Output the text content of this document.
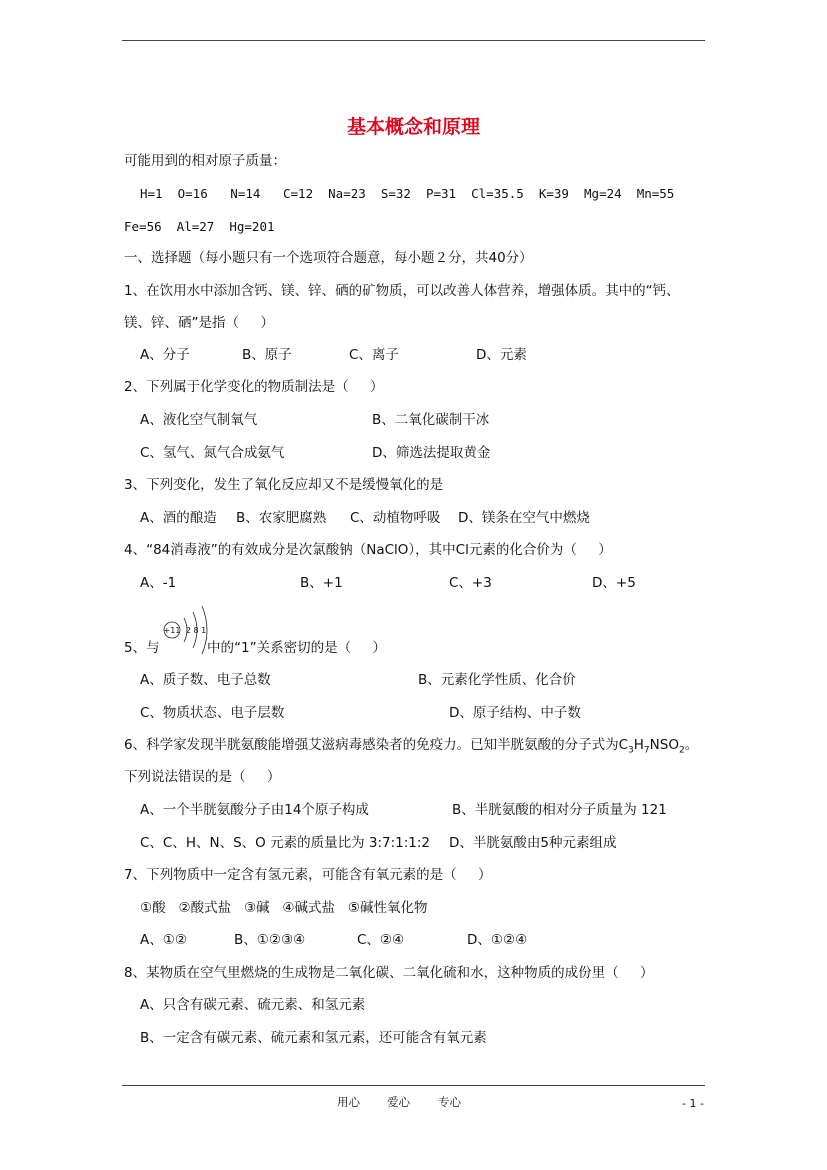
基本概念和原理
可能用到的相对原子质量：
H=1  O=16   N=14   C=12  Na=23  S=32  P=31  Cl=35.5  K=39  Mg=24  Mn=55
Fe=56  Al=27  Hg=201
一、选择题（每小题只有一个选项符合题意，每小题２分，共40分）
1、在饮用水中添加含钙、镁、锌、硒的矿物质，可以改善人体营养，增强体质。其中的“钙、
镁、锌、硒”是指（     ）
A、分子	B、原子	C、离子	D、元素
2、下列属于化学变化的物质制法是（     ）
A、液化空气制氧气	B、二氧化碳制干冰
C、氢气、氮气合成氨气	D、筛选法提取黄金
3、下列变化，发生了氧化反应却又不是缓慢氧化的是
A、酒的酿造 B、农家肥腐熟 C、动植物呼吸 D、镁条在空气中燃烧
4、“84消毒液”的有效成分是次氯酸钠（NaClO），其中Cl元素的化合价为（     ）
A、-1	B、+1	C、+3	D、+5
+11 2 8 1
5、与	中的“1”关系密切的是（     ）
A、质子数、电子总数	B、元素化学性质、化合价
C、物质状态、电子层数	D、原子结构、中子数
6、科学家发现半胱氨酸能增强艾滋病毒感染者的免疫力。已知半胱氨酸的分子式为$C_3H_7NSO_2$。
下列说法错误的是（     ）
A、一个半胱氨酸分子由14个原子构成	B、半胱氨酸的相对分子质量为 121
C、C、H、N、S、O 元素的质量比为 3:7:1:1:2 D、半胱氨酸由5种元素组成
7、下列物质中一定含有氢元素，可能含有氧元素的是（     ）
①酸   ②酸式盐   ③碱   ④碱式盐   ⑤碱性氧化物
A、①②	B、①②③④	C、②④	D、①②④
8、某物质在空气里燃烧的生成物是二氧化碳、二氧化硫和水，这种物质的成份里（     ）
A、只含有碳元素、硫元素、和氢元素
B、一定含有碳元素、硫元素和氢元素，还可能含有氧元素
用心 爱心 专心	- 1 -
